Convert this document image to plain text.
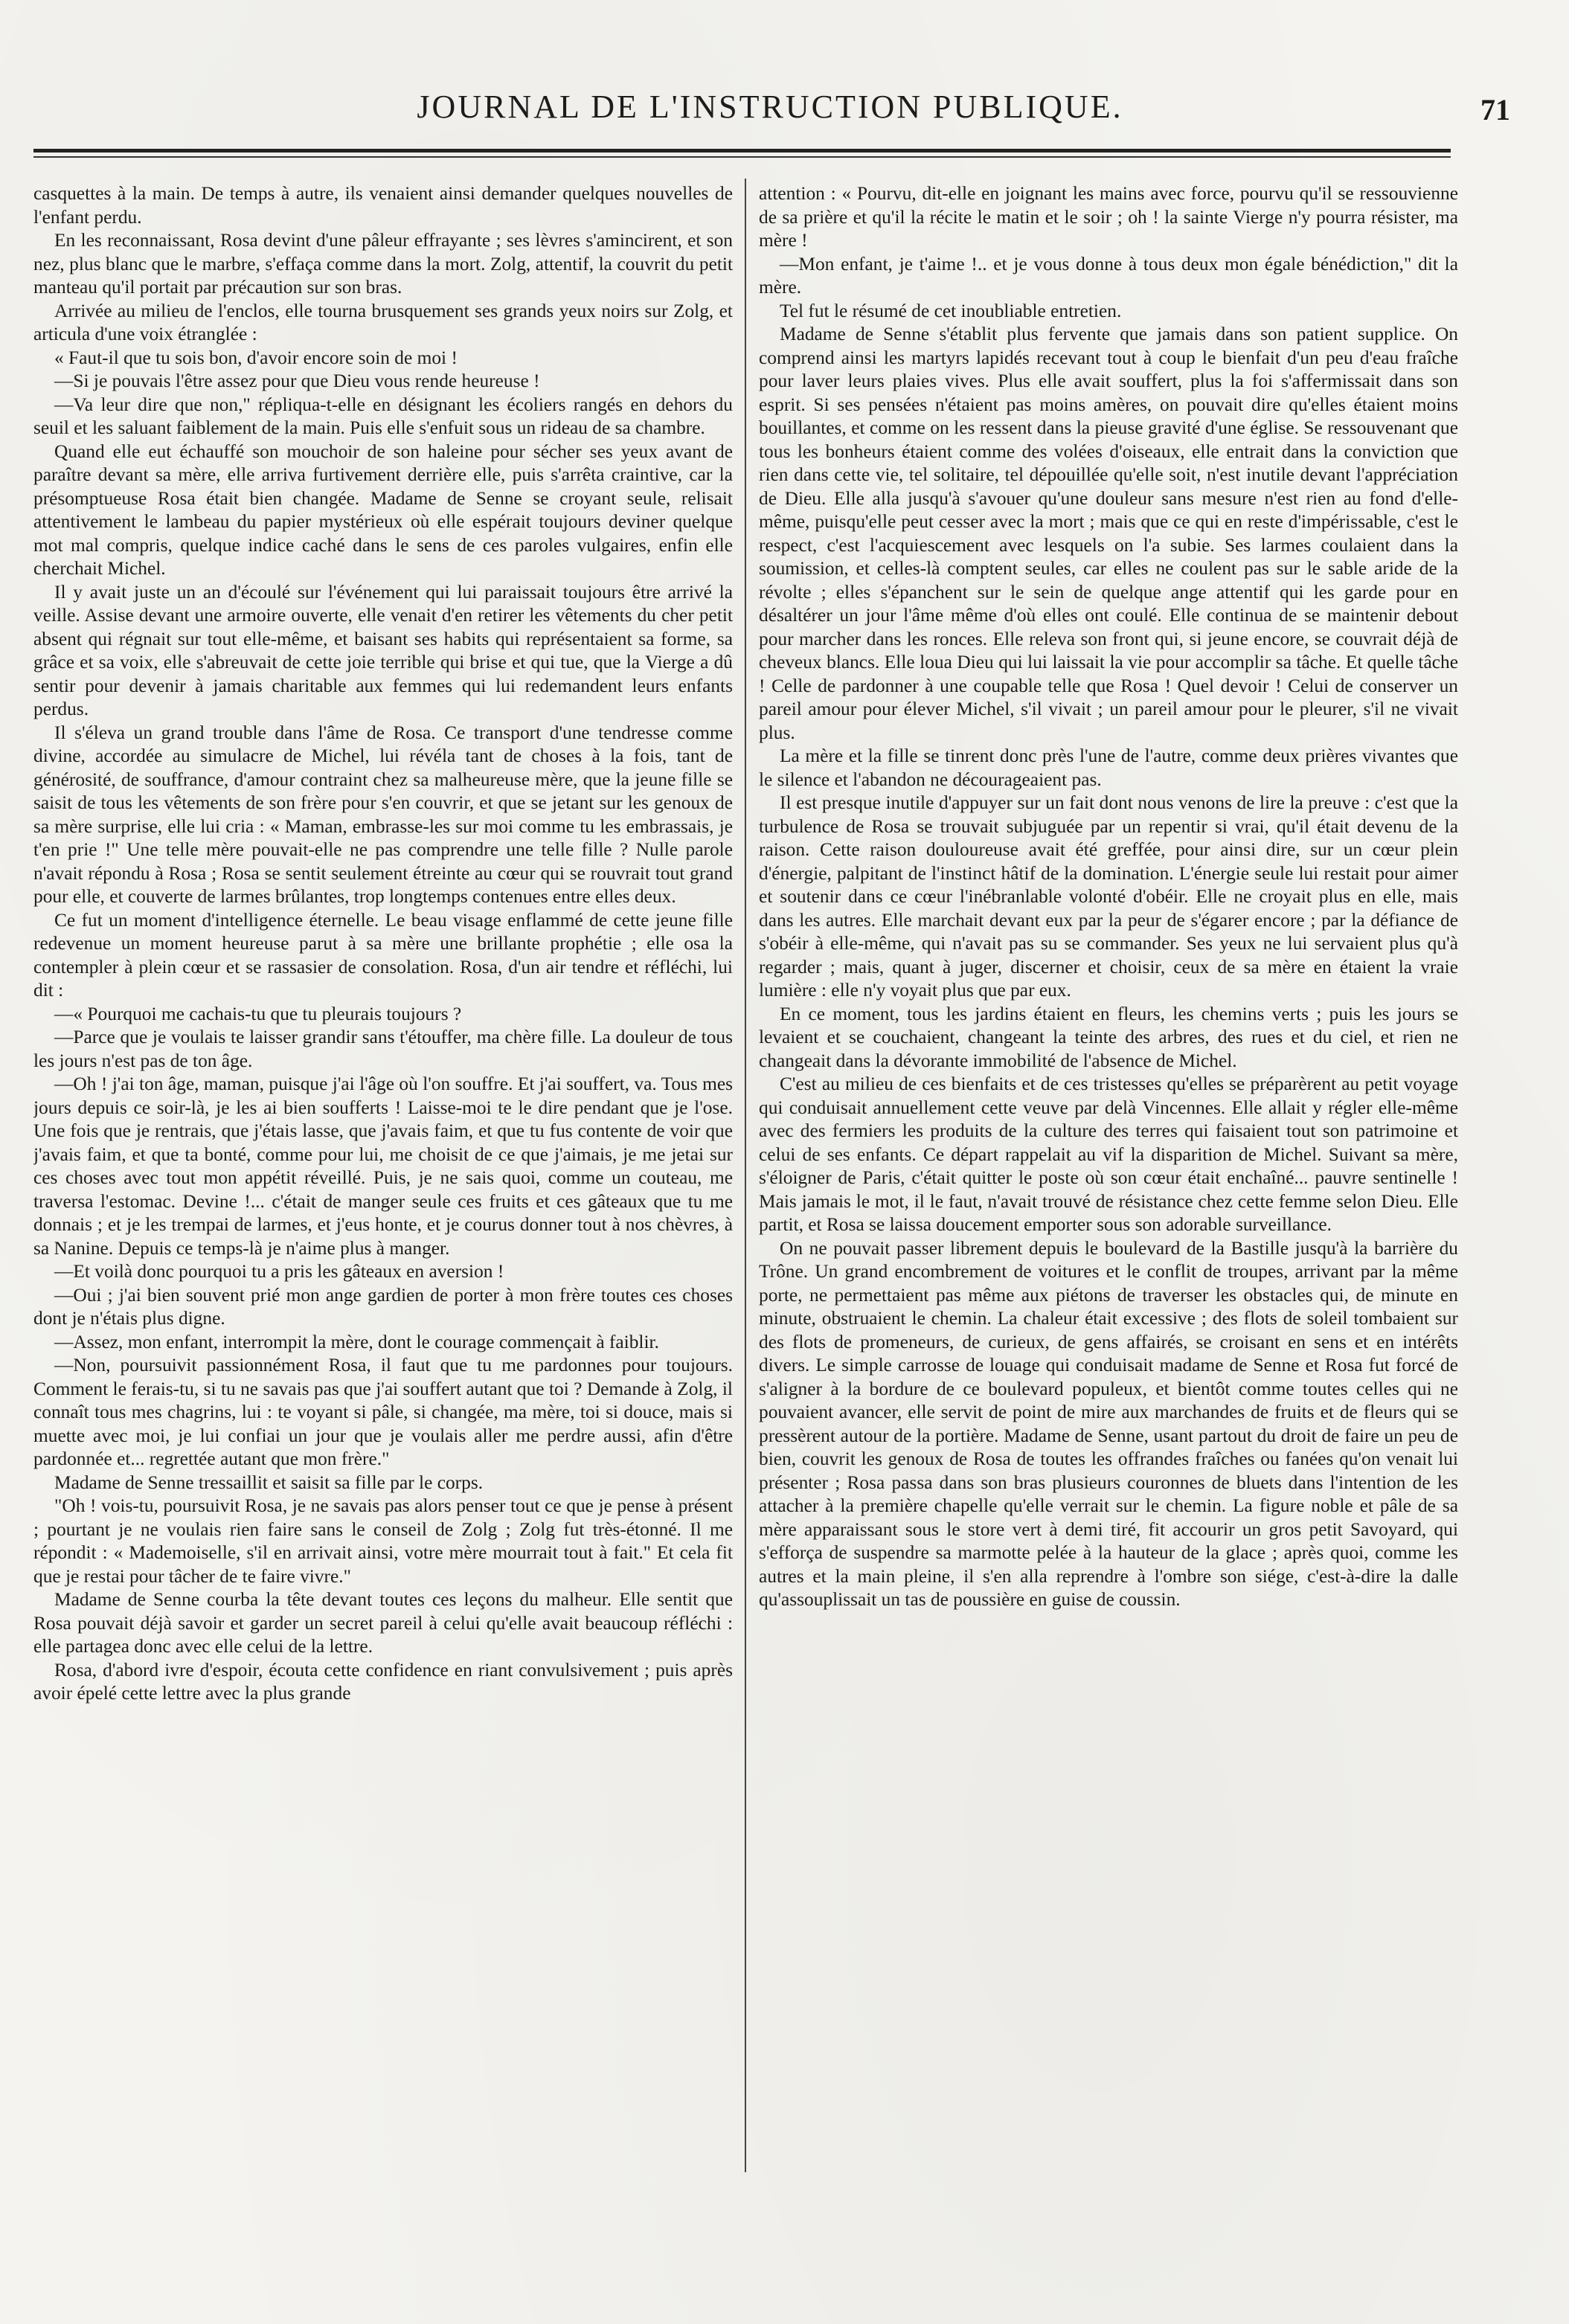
JOURNAL DE L'INSTRUCTION PUBLIQUE.	71

casquettes à la main. De temps à autre, ils venaient ainsi demander quelques nouvelles de l'enfant perdu.

En les reconnaissant, Rosa devint d'une pâleur effrayante ; ses lèvres s'amincirent, et son nez, plus blanc que le marbre, s'effaça comme dans la mort. Zolg, attentif, la couvrit du petit manteau qu'il portait par précaution sur son bras.

Arrivée au milieu de l'enclos, elle tourna brusquement ses grands yeux noirs sur Zolg, et articula d'une voix étranglée :

« Faut-il que tu sois bon, d'avoir encore soin de moi !

—Si je pouvais l'être assez pour que Dieu vous rende heureuse !

—Va leur dire que non," répliqua-t-elle en désignant les écoliers rangés en dehors du seuil et les saluant faiblement de la main. Puis elle s'enfuit sous un rideau de sa chambre.

Quand elle eut échauffé son mouchoir de son haleine pour sécher ses yeux avant de paraître devant sa mère, elle arriva furtivement derrière elle, puis s'arrêta craintive, car la présomptueuse Rosa était bien changée. Madame de Senne se croyant seule, relisait attentivement le lambeau du papier mystérieux où elle espérait toujours deviner quelque mot mal compris, quelque indice caché dans le sens de ces paroles vulgaires, enfin elle cherchait Michel.

Il y avait juste un an d'écoulé sur l'événement qui lui paraissait toujours être arrivé la veille. Assise devant une armoire ouverte, elle venait d'en retirer les vêtements du cher petit absent qui régnait sur tout elle-même, et baisant ses habits qui représentaient sa forme, sa grâce et sa voix, elle s'abreuvait de cette joie terrible qui brise et qui tue, que la Vierge a dû sentir pour devenir à jamais charitable aux femmes qui lui redemandent leurs enfants perdus.

Il s'éleva un grand trouble dans l'âme de Rosa. Ce transport d'une tendresse comme divine, accordée au simulacre de Michel, lui révéla tant de choses à la fois, tant de générosité, de souffrance, d'amour contraint chez sa malheureuse mère, que la jeune fille se saisit de tous les vêtements de son frère pour s'en couvrir, et que se jetant sur les genoux de sa mère surprise, elle lui cria : « Maman, embrasse-les sur moi comme tu les embrassais, je t'en prie !" Une telle mère pouvait-elle ne pas comprendre une telle fille ? Nulle parole n'avait répondu à Rosa ; Rosa se sentit seulement étreinte au cœur qui se rouvrait tout grand pour elle, et couverte de larmes brûlantes, trop longtemps contenues entre elles deux.

Ce fut un moment d'intelligence éternelle. Le beau visage enflammé de cette jeune fille redevenue un moment heureuse parut à sa mère une brillante prophétie ; elle osa la contempler à plein cœur et se rassasier de consolation. Rosa, d'un air tendre et réfléchi, lui dit :

—« Pourquoi me cachais-tu que tu pleurais toujours ?

—Parce que je voulais te laisser grandir sans t'étouffer, ma chère fille. La douleur de tous les jours n'est pas de ton âge.

—Oh ! j'ai ton âge, maman, puisque j'ai l'âge où l'on souffre. Et j'ai souffert, va. Tous mes jours depuis ce soir-là, je les ai bien soufferts ! Laisse-moi te le dire pendant que je l'ose. Une fois que je rentrais, que j'étais lasse, que j'avais faim, et que tu fus contente de voir que j'avais faim, et que ta bonté, comme pour lui, me choisit de ce que j'aimais, je me jetai sur ces choses avec tout mon appétit réveillé. Puis, je ne sais quoi, comme un couteau, me traversa l'estomac. Devine !... c'était de manger seule ces fruits et ces gâteaux que tu me donnais ; et je les trempai de larmes, et j'eus honte, et je courus donner tout à nos chèvres, à sa Nanine. Depuis ce temps-là je n'aime plus à manger.

—Et voilà donc pourquoi tu a pris les gâteaux en aversion !

—Oui ; j'ai bien souvent prié mon ange gardien de porter à mon frère toutes ces choses dont je n'étais plus digne.

—Assez, mon enfant, interrompit la mère, dont le courage commençait à faiblir.

—Non, poursuivit passionnément Rosa, il faut que tu me pardonnes pour toujours. Comment le ferais-tu, si tu ne savais pas que j'ai souffert autant que toi ? Demande à Zolg, il connaît tous mes chagrins, lui : te voyant si pâle, si changée, ma mère, toi si douce, mais si muette avec moi, je lui confiai un jour que je voulais aller me perdre aussi, afin d'être pardonnée et... regrettée autant que mon frère."

Madame de Senne tressaillit et saisit sa fille par le corps.

"Oh ! vois-tu, poursuivit Rosa, je ne savais pas alors penser tout ce que je pense à présent ; pourtant je ne voulais rien faire sans le conseil de Zolg ; Zolg fut très-étonné. Il me répondit : « Mademoiselle, s'il en arrivait ainsi, votre mère mourrait tout à fait." Et cela fit que je restai pour tâcher de te faire vivre."

Madame de Senne courba la tête devant toutes ces leçons du malheur. Elle sentit que Rosa pouvait déjà savoir et garder un secret pareil à celui qu'elle avait beaucoup réfléchi : elle partagea donc avec elle celui de la lettre.

Rosa, d'abord ivre d'espoir, écouta cette confidence en riant convulsivement ; puis après avoir épelé cette lettre avec la plus grande

attention : « Pourvu, dit-elle en joignant les mains avec force, pourvu qu'il se ressouvienne de sa prière et qu'il la récite le matin et le soir ; oh ! la sainte Vierge n'y pourra résister, ma mère !

—Mon enfant, je t'aime !.. et je vous donne à tous deux mon égale bénédiction," dit la mère.

Tel fut le résumé de cet inoubliable entretien.

Madame de Senne s'établit plus fervente que jamais dans son patient supplice. On comprend ainsi les martyrs lapidés recevant tout à coup le bienfait d'un peu d'eau fraîche pour laver leurs plaies vives. Plus elle avait souffert, plus la foi s'affermissait dans son esprit. Si ses pensées n'étaient pas moins amères, on pouvait dire qu'elles étaient moins bouillantes, et comme on les ressent dans la pieuse gravité d'une église. Se ressouvenant que tous les bonheurs étaient comme des volées d'oiseaux, elle entrait dans la conviction que rien dans cette vie, tel solitaire, tel dépouillée qu'elle soit, n'est inutile devant l'appréciation de Dieu. Elle alla jusqu'à s'avouer qu'une douleur sans mesure n'est rien au fond d'elle-même, puisqu'elle peut cesser avec la mort ; mais que ce qui en reste d'impérissable, c'est le respect, c'est l'acquiescement avec lesquels on l'a subie. Ses larmes coulaient dans la soumission, et celles-là comptent seules, car elles ne coulent pas sur le sable aride de la révolte ; elles s'épanchent sur le sein de quelque ange attentif qui les garde pour en désaltérer un jour l'âme même d'où elles ont coulé. Elle continua de se maintenir debout pour marcher dans les ronces. Elle releva son front qui, si jeune encore, se couvrait déjà de cheveux blancs. Elle loua Dieu qui lui laissait la vie pour accomplir sa tâche. Et quelle tâche ! Celle de pardonner à une coupable telle que Rosa ! Quel devoir ! Celui de conserver un pareil amour pour élever Michel, s'il vivait ; un pareil amour pour le pleurer, s'il ne vivait plus.

La mère et la fille se tinrent donc près l'une de l'autre, comme deux prières vivantes que le silence et l'abandon ne décourageaient pas.

Il est presque inutile d'appuyer sur un fait dont nous venons de lire la preuve : c'est que la turbulence de Rosa se trouvait subjuguée par un repentir si vrai, qu'il était devenu de la raison. Cette raison douloureuse avait été greffée, pour ainsi dire, sur un cœur plein d'énergie, palpitant de l'instinct hâtif de la domination. L'énergie seule lui restait pour aimer et soutenir dans ce cœur l'inébranlable volonté d'obéir. Elle ne croyait plus en elle, mais dans les autres. Elle marchait devant eux par la peur de s'égarer encore ; par la défiance de s'obéir à elle-même, qui n'avait pas su se commander. Ses yeux ne lui servaient plus qu'à regarder ; mais, quant à juger, discerner et choisir, ceux de sa mère en étaient la vraie lumière : elle n'y voyait plus que par eux.

En ce moment, tous les jardins étaient en fleurs, les chemins verts ; puis les jours se levaient et se couchaient, changeant la teinte des arbres, des rues et du ciel, et rien ne changeait dans la dévorante immobilité de l'absence de Michel.

C'est au milieu de ces bienfaits et de ces tristesses qu'elles se préparèrent au petit voyage qui conduisait annuellement cette veuve par delà Vincennes. Elle allait y régler elle-même avec des fermiers les produits de la culture des terres qui faisaient tout son patrimoine et celui de ses enfants. Ce départ rappelait au vif la disparition de Michel. Suivant sa mère, s'éloigner de Paris, c'était quitter le poste où son cœur était enchaîné... pauvre sentinelle ! Mais jamais le mot, il le faut, n'avait trouvé de résistance chez cette femme selon Dieu. Elle partit, et Rosa se laissa doucement emporter sous son adorable surveillance.

On ne pouvait passer librement depuis le boulevard de la Bastille jusqu'à la barrière du Trône. Un grand encombrement de voitures et le conflit de troupes, arrivant par la même porte, ne permettaient pas même aux piétons de traverser les obstacles qui, de minute en minute, obstruaient le chemin. La chaleur était excessive ; des flots de soleil tombaient sur des flots de promeneurs, de curieux, de gens affairés, se croisant en sens et en intérêts divers. Le simple carrosse de louage qui conduisait madame de Senne et Rosa fut forcé de s'aligner à la bordure de ce boulevard populeux, et bientôt comme toutes celles qui ne pouvaient avancer, elle servit de point de mire aux marchandes de fruits et de fleurs qui se pressèrent autour de la portière. Madame de Senne, usant partout du droit de faire un peu de bien, couvrit les genoux de Rosa de toutes les offrandes fraîches ou fanées qu'on venait lui présenter ; Rosa passa dans son bras plusieurs couronnes de bluets dans l'intention de les attacher à la première chapelle qu'elle verrait sur le chemin. La figure noble et pâle de sa mère apparaissant sous le store vert à demi tiré, fit accourir un gros petit Savoyard, qui s'efforça de suspendre sa marmotte pelée à la hauteur de la glace ; après quoi, comme les autres et la main pleine, il s'en alla reprendre à l'ombre son siége, c'est-à-dire la dalle qu'assouplissait un tas de poussière en guise de coussin.
